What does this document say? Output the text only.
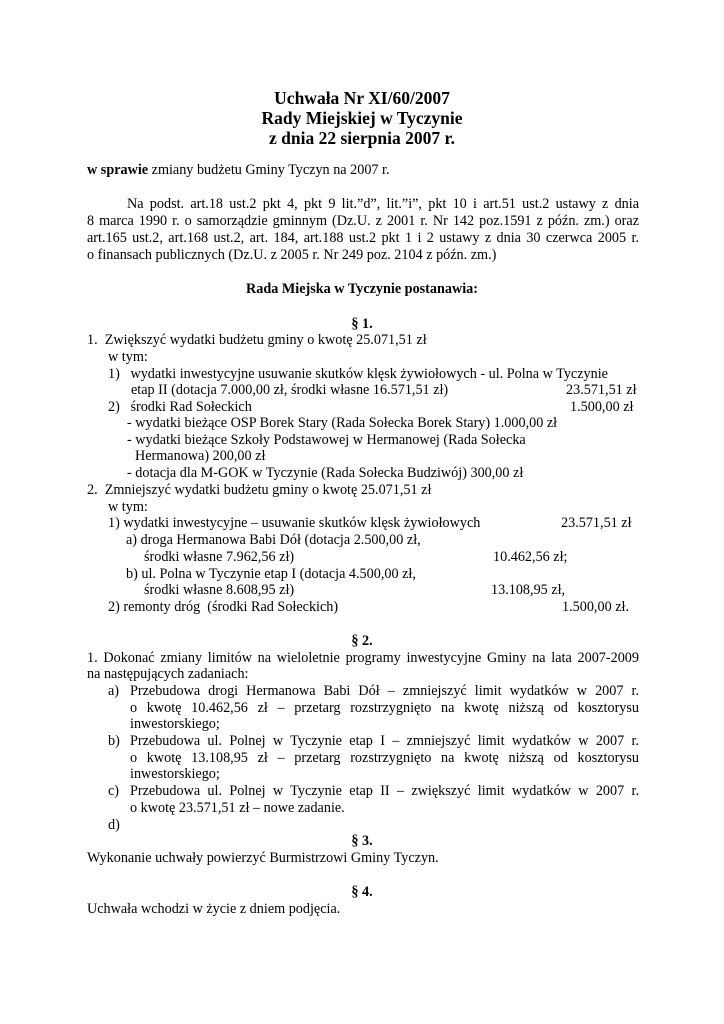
Uchwała Nr XI/60/2007
Rady Miejskiej w Tyczynie
z dnia 22 sierpnia 2007 r.
w sprawie zmiany budżetu Gminy Tyczyn na 2007 r.
Na podst. art.18 ust.2 pkt 4, pkt 9 lit.”d”, lit.”i”, pkt 10 i art.51 ust.2 ustawy z dnia
8 marca 1990 r. o samorządzie gminnym (Dz.U. z 2001 r. Nr 142 poz.1591 z późn. zm.) oraz
art.165 ust.2, art.168 ust.2, art. 184, art.188 ust.2 pkt 1 i 2 ustawy z dnia 30 czerwca 2005 r.
o finansach publicznych (Dz.U. z 2005 r. Nr 249 poz. 2104 z późn. zm.)
Rada Miejska w Tyczynie postanawia:
§ 1.
1.  Zwiększyć wydatki budżetu gminy o kwotę 25.071,51 zł
w tym:
1)   wydatki inwestycyjne usuwanie skutków klęsk żywiołowych - ul. Polna w Tyczynie
etap II (dotacja 7.000,00 zł, środki własne 16.571,51 zł)	23.571,51 zł
2)   środki Rad Sołeckich	1.500,00 zł
- wydatki bieżące OSP Borek Stary (Rada Sołecka Borek Stary) 1.000,00 zł
- wydatki bieżące Szkoły Podstawowej w Hermanowej (Rada Sołecka
Hermanowa) 200,00 zł
- dotacja dla M-GOK w Tyczynie (Rada Sołecka Budziwój) 300,00 zł
2.  Zmniejszyć wydatki budżetu gminy o kwotę 25.071,51 zł
w tym:
1) wydatki inwestycyjne – usuwanie skutków klęsk żywiołowych	23.571,51 zł
a) droga Hermanowa Babi Dół (dotacja 2.500,00 zł,
środki własne 7.962,56 zł)	10.462,56 zł;
b) ul. Polna w Tyczynie etap I (dotacja 4.500,00 zł,
środki własne 8.608,95 zł)	13.108,95 zł,
2) remonty dróg  (środki Rad Sołeckich)	1.500,00 zł.
§ 2.
1. Dokonać zmiany limitów na wieloletnie programy inwestycyjne Gminy na lata 2007-2009
na następujących zadaniach:
a) Przebudowa drogi Hermanowa Babi Dół – zmniejszyć limit wydatków w 2007 r.
o kwotę 10.462,56 zł – przetarg rozstrzygnięto na kwotę niższą od kosztorysu
inwestorskiego;
b) Przebudowa ul. Polnej w Tyczynie etap I – zmniejszyć limit wydatków w 2007 r.
o kwotę 13.108,95 zł – przetarg rozstrzygnięto na kwotę niższą od kosztorysu
inwestorskiego;
c) Przebudowa ul. Polnej w Tyczynie etap II – zwiększyć limit wydatków w 2007 r.
o kwotę 23.571,51 zł – nowe zadanie.
d)
§ 3.
Wykonanie uchwały powierzyć Burmistrzowi Gminy Tyczyn.
§ 4.
Uchwała wchodzi w życie z dniem podjęcia.
